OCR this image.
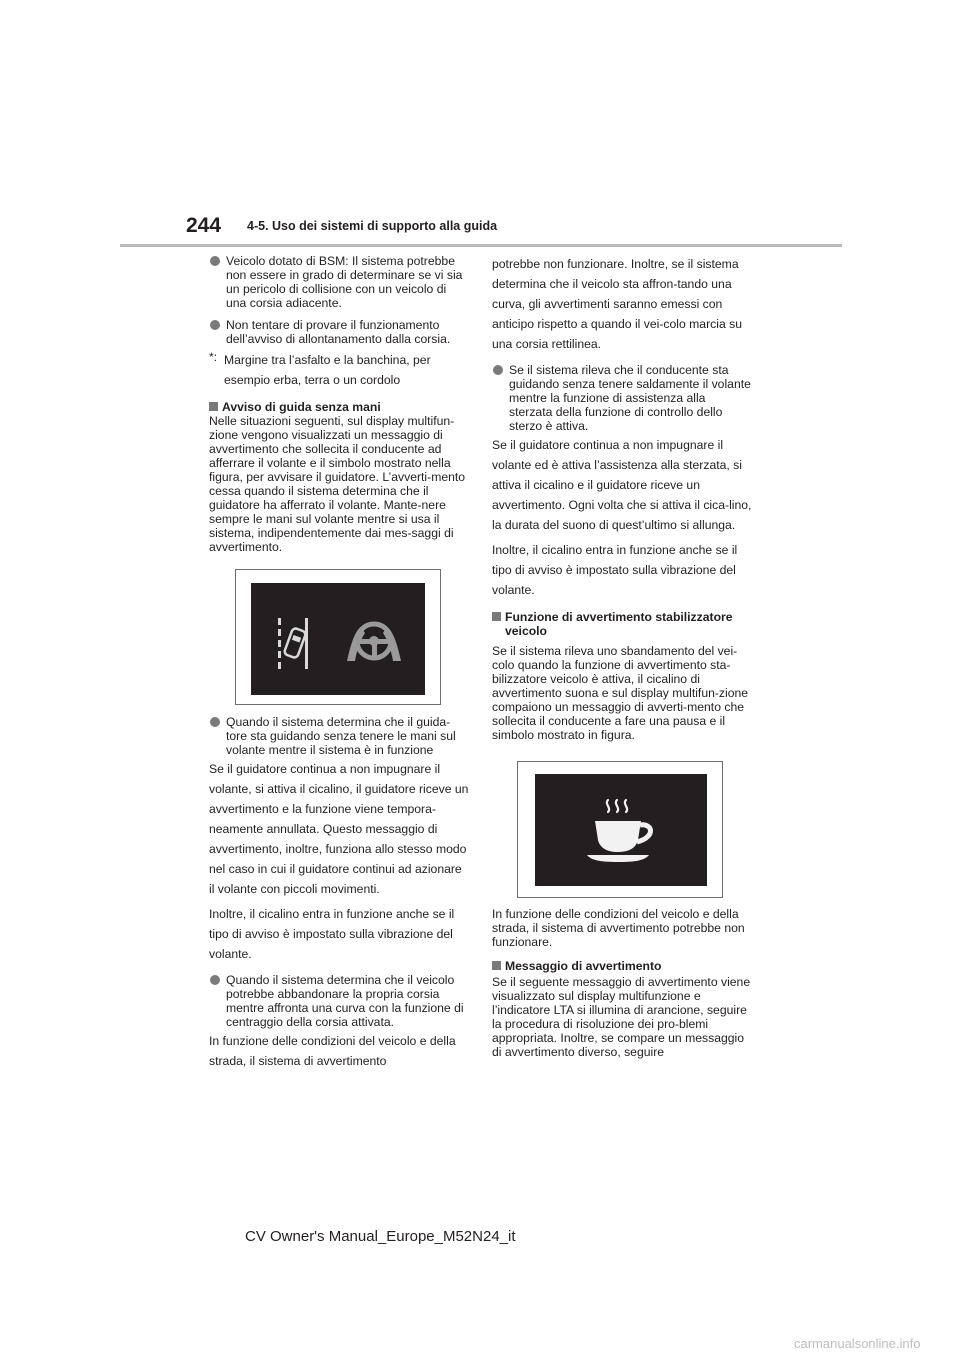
244 4-5. Uso dei sistemi di supporto alla guida

Veicolo dotato di BSM: Il sistema potrebbe non essere in grado di determinare se vi sia un pericolo di collisione con un veicolo di una corsia adiacente.

Non tentare di provare il funzionamento dell’avviso di allontanamento dalla corsia.

*: Margine tra l’asfalto e la banchina, per esempio erba, terra o un cordolo

Avviso di guida senza mani

Nelle situazioni seguenti, sul display multifun-zione vengono visualizzati un messaggio di avvertimento che sollecita il conducente ad afferrare il volante e il simbolo mostrato nella figura, per avvisare il guidatore. L’avverti-mento cessa quando il sistema determina che il guidatore ha afferrato il volante. Mante-nere sempre le mani sul volante mentre si usa il sistema, indipendentemente dai mes-saggi di avvertimento.

Quando il sistema determina che il guida-tore sta guidando senza tenere le mani sul volante mentre il sistema è in funzione

Se il guidatore continua a non impugnare il volante, si attiva il cicalino, il guidatore riceve un avvertimento e la funzione viene tempora-neamente annullata. Questo messaggio di avvertimento, inoltre, funziona allo stesso modo nel caso in cui il guidatore continui ad azionare il volante con piccoli movimenti.

Inoltre, il cicalino entra in funzione anche se il tipo di avviso è impostato sulla vibrazione del volante.

Quando il sistema determina che il veicolo potrebbe abbandonare la propria corsia mentre affronta una curva con la funzione di centraggio della corsia attivata.

In funzione delle condizioni del veicolo e della strada, il sistema di avvertimento

potrebbe non funzionare. Inoltre, se il sistema determina che il veicolo sta affron-tando una curva, gli avvertimenti saranno emessi con anticipo rispetto a quando il vei-colo marcia su una corsia rettilinea.

Se il sistema rileva che il conducente sta guidando senza tenere saldamente il volante mentre la funzione di assistenza alla sterzata della funzione di controllo dello sterzo è attiva.

Se il guidatore continua a non impugnare il volante ed è attiva l’assistenza alla sterzata, si attiva il cicalino e il guidatore riceve un avvertimento. Ogni volta che si attiva il cica-lino, la durata del suono di quest’ultimo si allunga.

Inoltre, il cicalino entra in funzione anche se il tipo di avviso è impostato sulla vibrazione del volante.

Funzione di avvertimento stabilizzatore veicolo

Se il sistema rileva uno sbandamento del vei-colo quando la funzione di avvertimento sta-bilizzatore veicolo è attiva, il cicalino di avvertimento suona e sul display multifun-zione compaiono un messaggio di avverti-mento che sollecita il conducente a fare una pausa e il simbolo mostrato in figura.

In funzione delle condizioni del veicolo e della strada, il sistema di avvertimento potrebbe non funzionare.

Messaggio di avvertimento

Se il seguente messaggio di avvertimento viene visualizzato sul display multifunzione e l’indicatore LTA si illumina di arancione, seguire la procedura di risoluzione dei pro-blemi appropriata. Inoltre, se compare un messaggio di avvertimento diverso, seguire

CV Owner's Manual_Europe_M52N24_it
carmanualsonline.info
